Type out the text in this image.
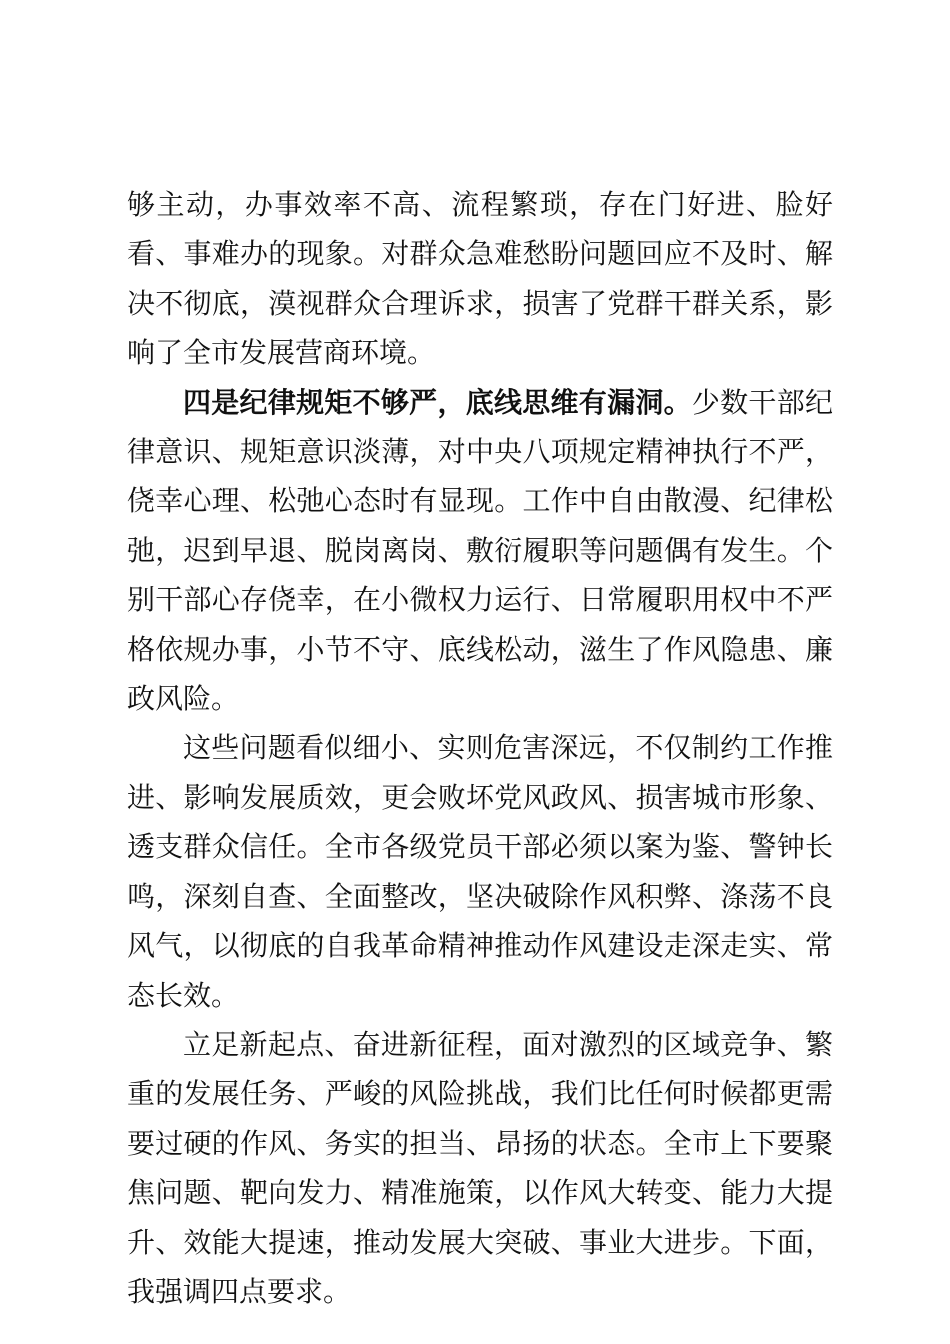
够主动，办事效率不高、流程繁琐，存在门好进、脸好看、事难办的现象。对群众急难愁盼问题回应不及时、解决不彻底，漠视群众合理诉求，损害了党群干群关系，影响了全市发展营商环境。

四是纪律规矩不够严，底线思维有漏洞。少数干部纪律意识、规矩意识淡薄，对中央八项规定精神执行不严，侥幸心理、松弛心态时有显现。工作中自由散漫、纪律松弛，迟到早退、脱岗离岗、敷衍履职等问题偶有发生。个别干部心存侥幸，在小微权力运行、日常履职用权中不严格依规办事，小节不守、底线松动，滋生了作风隐患、廉政风险。

这些问题看似细小、实则危害深远，不仅制约工作推进、影响发展质效，更会败坏党风政风、损害城市形象、透支群众信任。全市各级党员干部必须以案为鉴、警钟长鸣，深刻自查、全面整改，坚决破除作风积弊、涤荡不良风气，以彻底的自我革命精神推动作风建设走深走实、常态长效。

立足新起点、奋进新征程，面对激烈的区域竞争、繁重的发展任务、严峻的风险挑战，我们比任何时候都更需要过硬的作风、务实的担当、昂扬的状态。全市上下要聚焦问题、靶向发力、精准施策，以作风大转变、能力大提升、效能大提速，推动发展大突破、事业大进步。下面，我强调四点要求。
